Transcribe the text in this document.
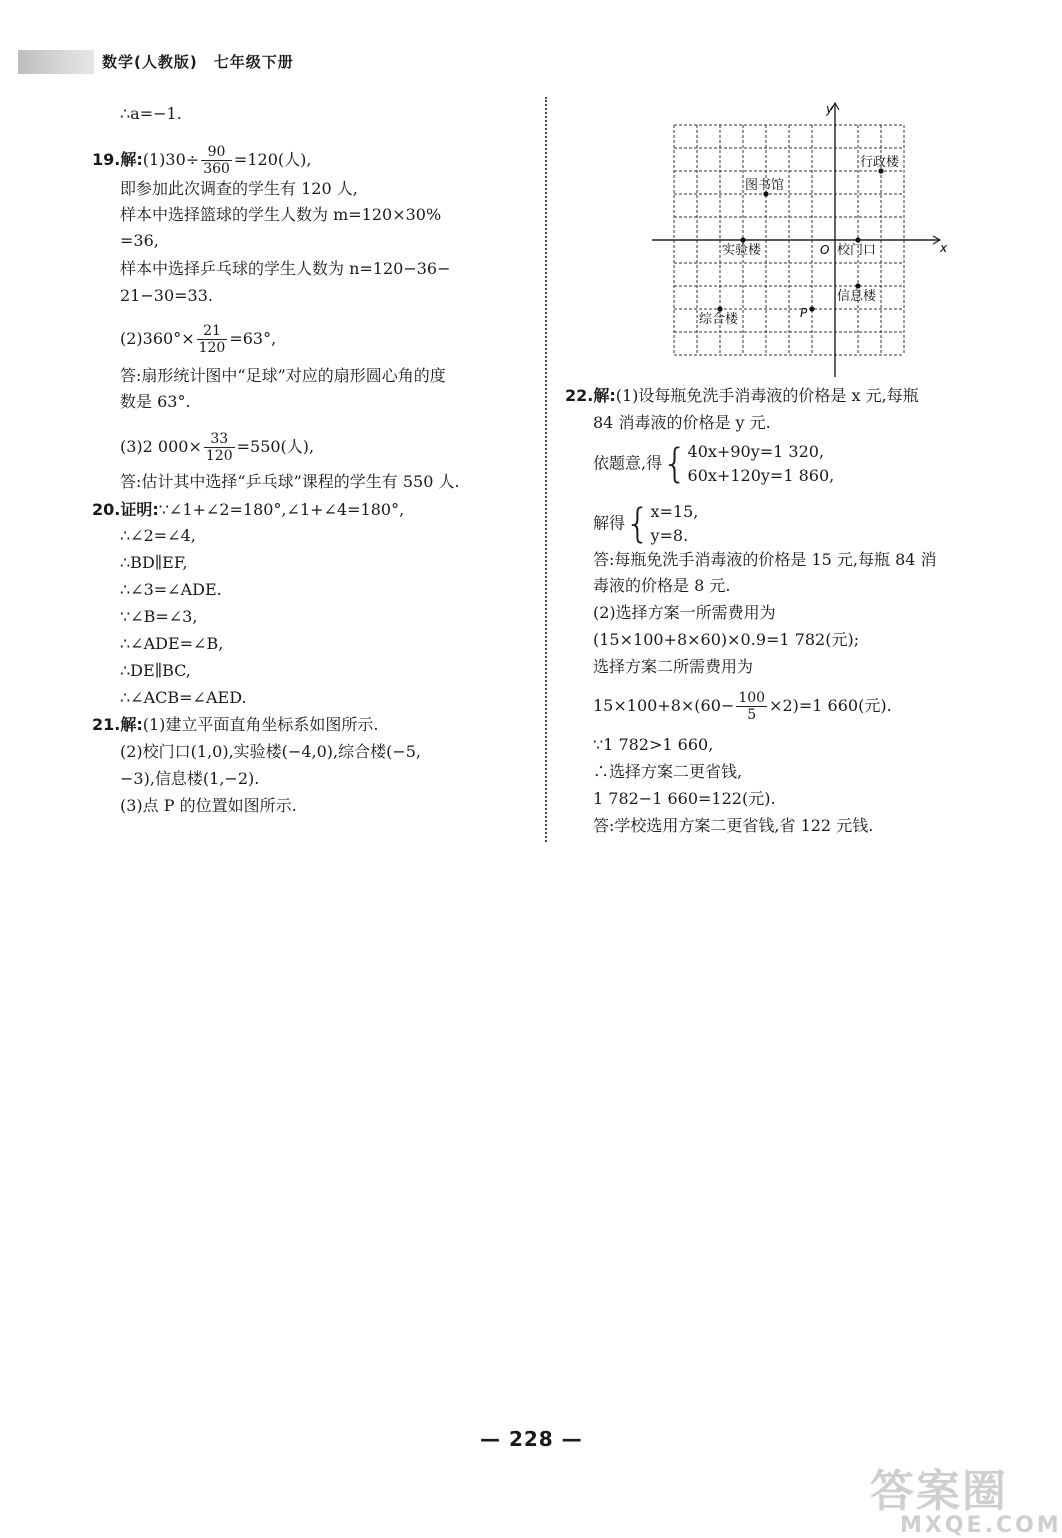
数学(人教版)　七年级下册
∴a=−1.
19.解:(1)30÷ $\frac{90}{360} =120$(人),
即参加此次调查的学生有 120 人,
样本中选择篮球的学生人数为 m=120×30%
=36,
样本中选择乒乓球的学生人数为 n=120−36−
21−30=33.
$(2)360^\circ\times \frac{21}{120} =63^\circ$,
答:扇形统计图中“足球”对应的扇形圆心角的度
数是 63°.
(3)2 $000\times \frac{33}{120} =550$(人),
答:估计其中选择“乒乓球”课程的学生有 550 人.
20.证明:∵∠1+∠2=180°,∠1+∠4=180°,
∴∠2=∠4,
∴BD∥EF,
∴∠3=∠ADE.
∵∠B=∠3,
∴∠ADE=∠B,
∴DE∥BC,
∴∠ACB=∠AED.
21.解:(1)建立平面直角坐标系如图所示.
(2)校门口(1,0),实验楼(−4,0),综合楼(−5,
−3),信息楼(1,−2).
(3)点 P 的位置如图所示.
x
y
O
行政楼
图书馆
实验楼	校门口
信息楼
综合楼	P
22.解:(1)设每瓶免洗手消毒液的价格是 x 元,每瓶
84 消毒液的价格是 y 元.
依题意,得{ 40x+90y=1 320,
60x+120y=1 860,
解得{ x=15,
y=8.
答:每瓶免洗手消毒液的价格是 15 元,每瓶 84 消
毒液的价格是 8 元.
(2)选择方案一所需费用为
(15×100+8×60)×0.9=1 782(元);
选择方案二所需费用为
$15\times 100+8\times(60- \frac{100}{5} \times 2)=1$ 660(元).
∵1 782>1 660,
∴选择方案二更省钱,
1 782−1 660=122(元).
答:学校选用方案二更省钱,省 122 元钱.
— 228 —
答案圈
MXQE.COM
